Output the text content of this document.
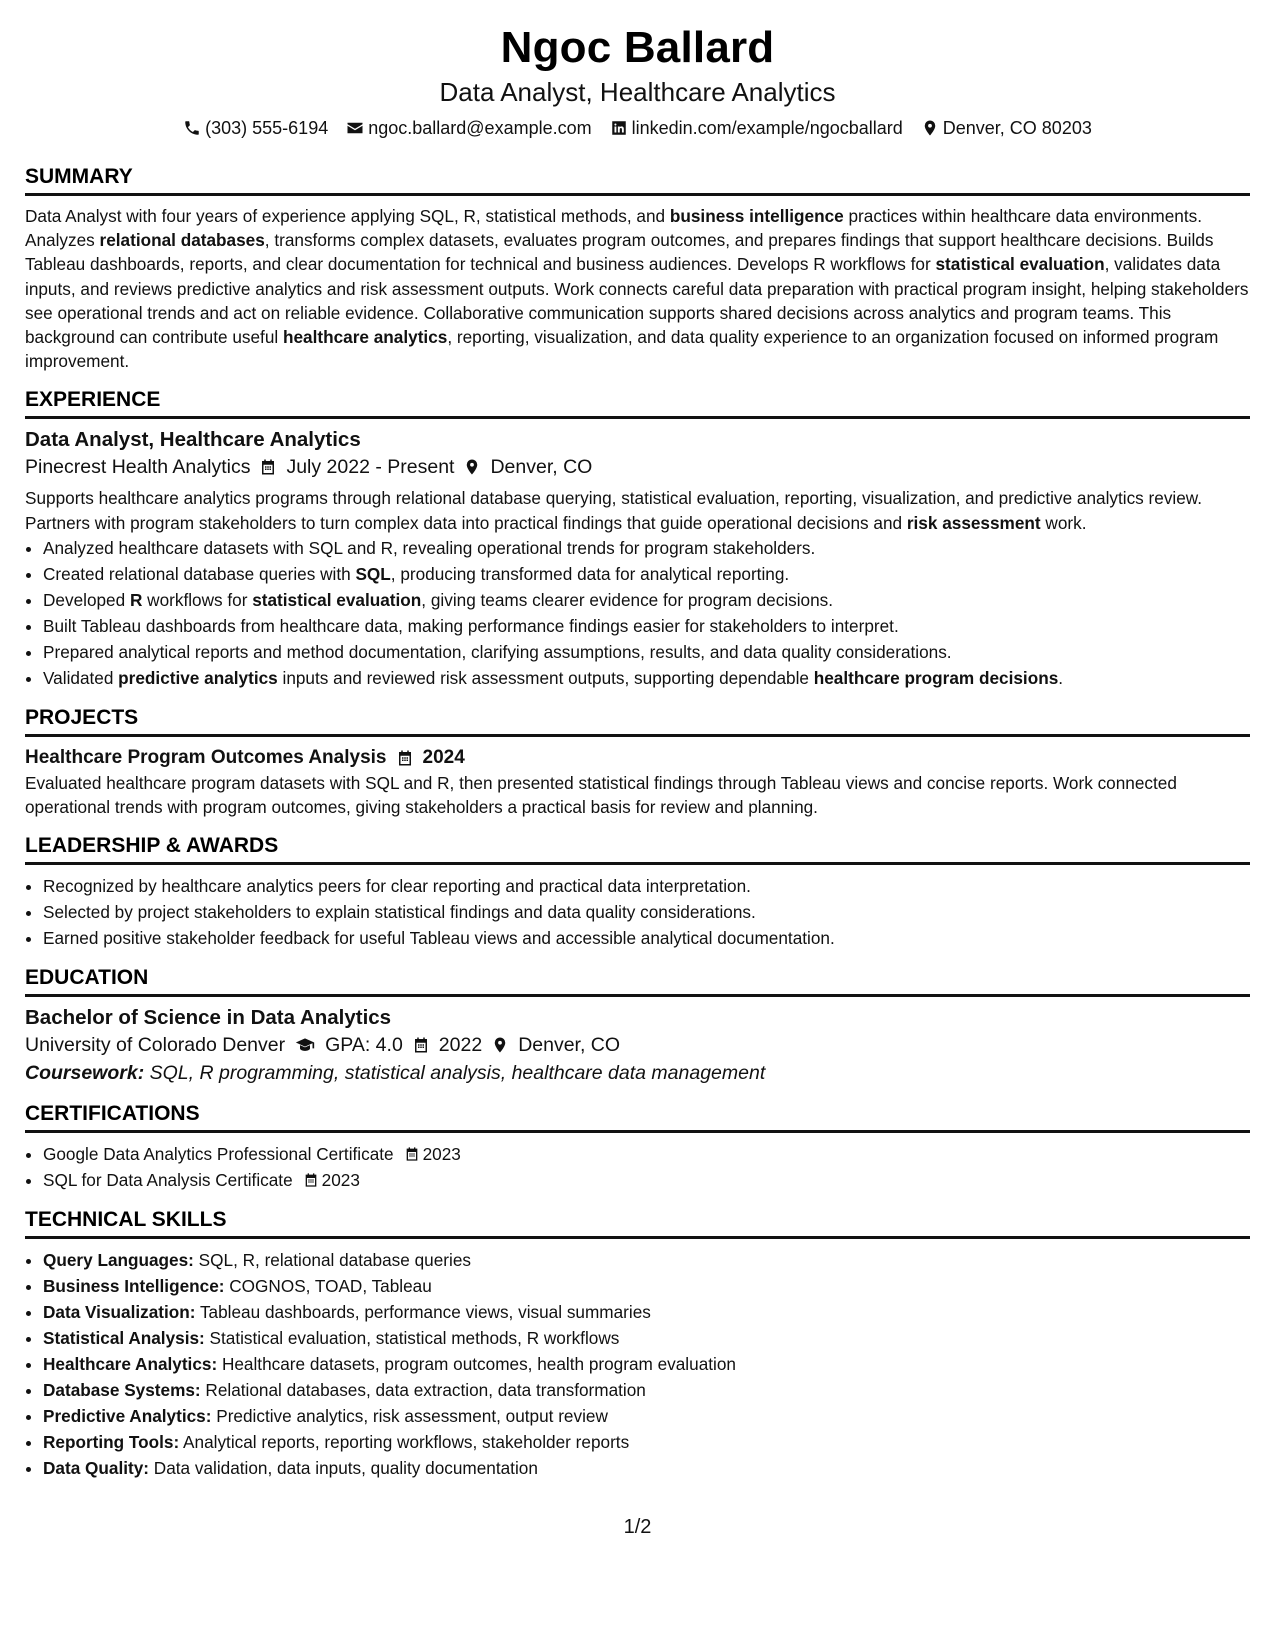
Ngoc Ballard
Data Analyst, Healthcare Analytics
(303) 555-6194 ngoc.ballard@example.com linkedin.com/example/ngocballard Denver, CO 80203
SUMMARY

Data Analyst with four years of experience applying SQL, R, statistical methods, and business intelligence practices within healthcare data environments. Analyzes relational databases, transforms complex datasets, evaluates program outcomes, and prepares findings that support healthcare decisions. Builds Tableau dashboards, reports, and clear documentation for technical and business audiences. Develops R workflows for statistical evaluation, validates data inputs, and reviews predictive analytics and risk assessment outputs. Work connects careful data preparation with practical program insight, helping stakeholders see operational trends and act on reliable evidence. Collaborative communication supports shared decisions across analytics and program teams. This background can contribute useful healthcare analytics, reporting, visualization, and data quality experience to an organization focused on informed program improvement.

EXPERIENCE
Data Analyst, Healthcare Analytics
Pinecrest Health Analytics July 2022 - Present Denver, CO

Supports healthcare analytics programs through relational database querying, statistical evaluation, reporting, visualization, and predictive analytics review. Partners with program stakeholders to turn complex data into practical findings that guide operational decisions and risk assessment work.

• Analyzed healthcare datasets with SQL and R, revealing operational trends for program stakeholders.
• Created relational database queries with SQL, producing transformed data for analytical reporting.
• Developed R workflows for statistical evaluation, giving teams clearer evidence for program decisions.
• Built Tableau dashboards from healthcare data, making performance findings easier for stakeholders to interpret.
• Prepared analytical reports and method documentation, clarifying assumptions, results, and data quality considerations.
• Validated predictive analytics inputs and reviewed risk assessment outputs, supporting dependable healthcare program decisions.
PROJECTS
Healthcare Program Outcomes Analysis 2024

Evaluated healthcare program datasets with SQL and R, then presented statistical findings through Tableau views and concise reports. Work connected operational trends with program outcomes, giving stakeholders a practical basis for review and planning.

LEADERSHIP & AWARDS
• Recognized by healthcare analytics peers for clear reporting and practical data interpretation.
• Selected by project stakeholders to explain statistical findings and data quality considerations.
• Earned positive stakeholder feedback for useful Tableau views and accessible analytical documentation.
EDUCATION
Bachelor of Science in Data Analytics
University of Colorado Denver GPA: 4.0 2022 Denver, CO
Coursework: SQL, R programming, statistical analysis, healthcare data management
CERTIFICATIONS
• Google Data Analytics Professional Certificate 2023
• SQL for Data Analysis Certificate 2023
TECHNICAL SKILLS
• Query Languages: SQL, R, relational database queries
• Business Intelligence: COGNOS, TOAD, Tableau
• Data Visualization: Tableau dashboards, performance views, visual summaries
• Statistical Analysis: Statistical evaluation, statistical methods, R workflows
• Healthcare Analytics: Healthcare datasets, program outcomes, health program evaluation
• Database Systems: Relational databases, data extraction, data transformation
• Predictive Analytics: Predictive analytics, risk assessment, output review
• Reporting Tools: Analytical reports, reporting workflows, stakeholder reports
• Data Quality: Data validation, data inputs, quality documentation
1/2
